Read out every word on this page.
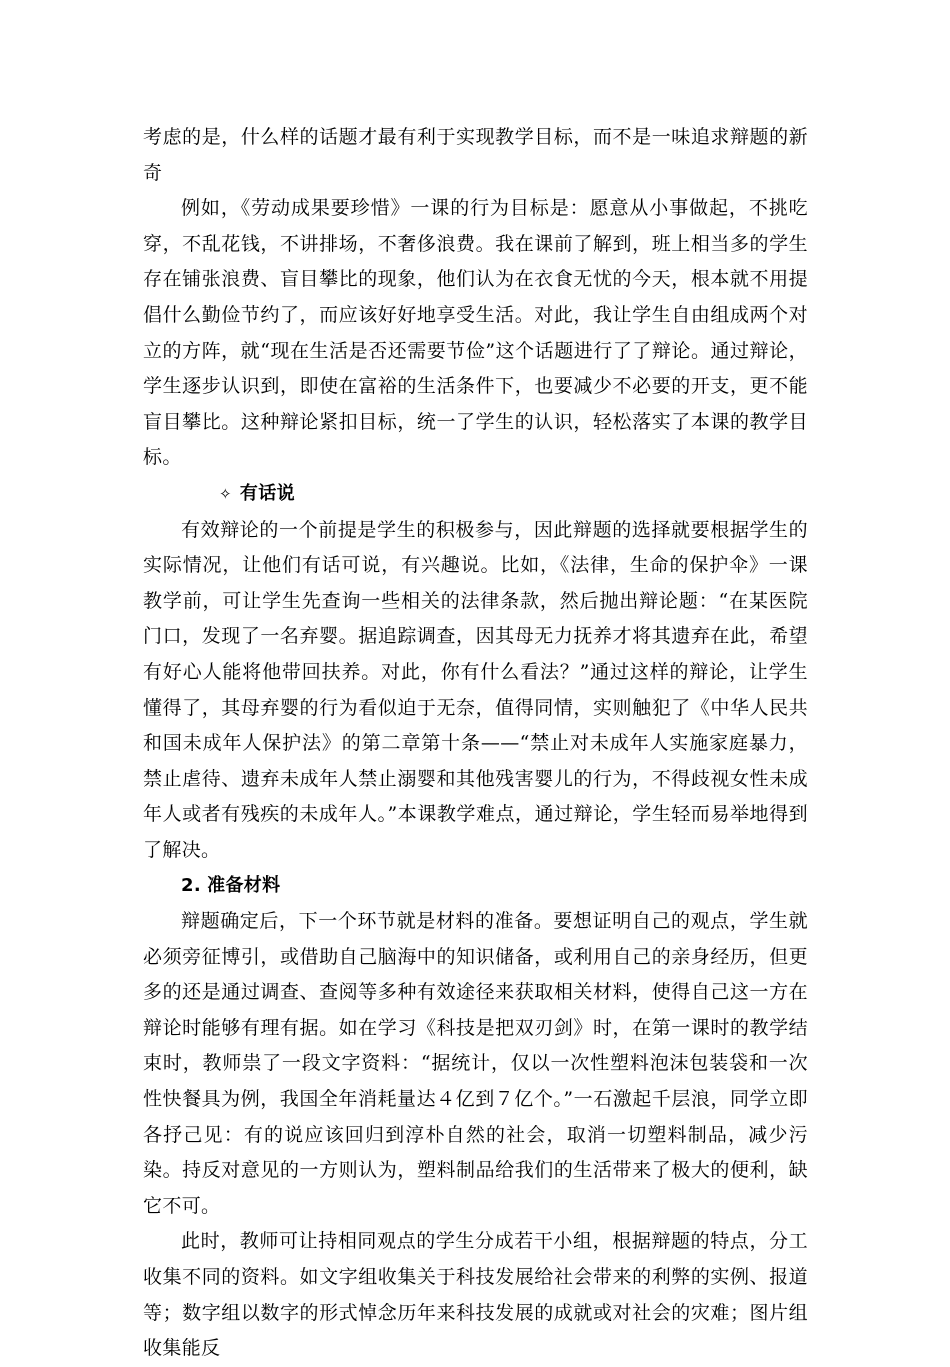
考虑的是，什么样的话题才最有利于实现教学目标，而不是一味追求辩题的新奇

例如，《劳动成果要珍惜》一课的行为目标是：愿意从小事做起，不挑吃穿，不乱花钱，不讲排场，不奢侈浪费。我在课前了解到，班上相当多的学生存在铺张浪费、盲目攀比的现象，他们认为在衣食无忧的今天，根本就不用提倡什么勤俭节约了，而应该好好地享受生活。对此，我让学生自由组成两个对立的方阵，就“现在生活是否还需要节俭”这个话题进行了了辩论。通过辩论，学生逐步认识到，即使在富裕的生活条件下，也要减少不必要的开支，更不能盲目攀比。这种辩论紧扣目标，统一了学生的认识，轻松落实了本课的教学目标。

✧ 有话说

有效辩论的一个前提是学生的积极参与，因此辩题的选择就要根据学生的实际情况，让他们有话可说，有兴趣说。比如，《法律，生命的保护伞》一课教学前，可让学生先查询一些相关的法律条款，然后抛出辩论题：“在某医院门口，发现了一名弃婴。据追踪调查，因其母无力抚养才将其遗弃在此，希望有好心人能将他带回扶养。对此，你有什么看法？”通过这样的辩论，让学生懂得了，其母弃婴的行为看似迫于无奈，值得同情，实则触犯了《中华人民共和国未成年人保护法》的第二章第十条——“禁止对未成年人实施家庭暴力，禁止虐待、遗弃未成年人禁止溺婴和其他残害婴儿的行为，不得歧视女性未成年人或者有残疾的未成年人。”本课教学难点，通过辩论，学生轻而易举地得到了解决。

2. 准备材料

辩题确定后，下一个环节就是材料的准备。要想证明自己的观点，学生就必须旁征博引，或借助自己脑海中的知识储备，或利用自己的亲身经历，但更多的还是通过调查、查阅等多种有效途径来获取相关材料，使得自己这一方在辩论时能够有理有据。如在学习《科技是把双刃剑》时，在第一课时的教学结束时，教师祟了一段文字资料：“据统计，仅以一次性塑料泡沫包装袋和一次性快餐具为例，我国全年消耗量达４亿到７亿个。”一石激起千层浪，同学立即各抒己见：有的说应该回归到淳朴自然的社会，取消一切塑料制品，减少污染。持反对意见的一方则认为，塑料制品给我们的生活带来了极大的便利，缺它不可。

此时，教师可让持相同观点的学生分成若干小组，根据辩题的特点，分工收集不同的资料。如文字组收集关于科技发展给社会带来的利弊的实例、报道等；数字组以数字的形式悼念历年来科技发展的成就或对社会的灾难；图片组收集能反
